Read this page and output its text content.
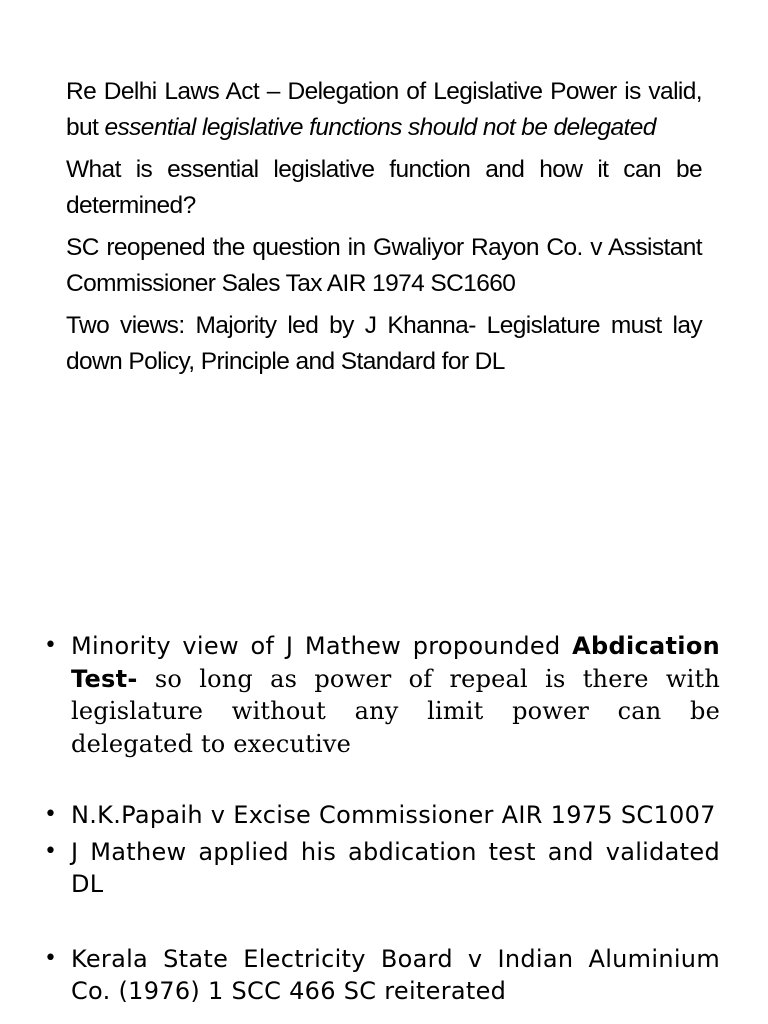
Re Delhi Laws Act – Delegation of Legislative Power is valid, but essential legislative functions should not be delegated

What is essential legislative function and how it can be determined?

SC reopened the question in Gwaliyor Rayon Co. v Assistant Commissioner Sales Tax AIR 1974 SC1660

Two views: Majority led by J Khanna- Legislature must lay down Policy, Principle and Standard for DL

• Minority view of J Mathew propounded Abdication Test- so long as power of repeal is there with legislature without any limit power can be delegated to executive
• N.K.Papaih v Excise Commissioner AIR 1975 SC1007
• J Mathew applied his abdication test and validated DL
• Kerala State Electricity Board v Indian Aluminium Co. (1976) 1 SCC 466 SC reiterated
